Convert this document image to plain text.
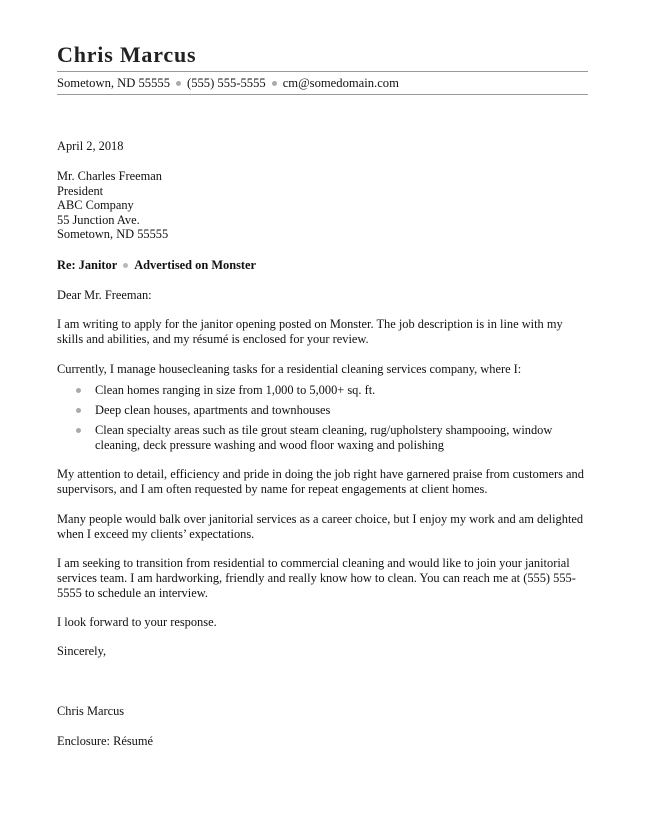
Chris Marcus
Sometown, ND 55555 (555) 555-5555 cm@somedomain.com

April 2, 2018

Mr. Charles Freeman
President
ABC Company
55 Junction Ave.
Sometown, ND 55555

Re: Janitor Advertised on Monster

Dear Mr. Freeman:

I am writing to apply for the janitor opening posted on Monster. The job description is in line with my skills and abilities, and my résumé is enclosed for your review.

Currently, I manage housecleaning tasks for a residential cleaning services company, where I:

Clean homes ranging in size from 1,000 to 5,000+ sq. ft.
Deep clean houses, apartments and townhouses
Clean specialty areas such as tile grout steam cleaning, rug/upholstery shampooing, window cleaning, deck pressure washing and wood floor waxing and polishing

My attention to detail, efficiency and pride in doing the job right have garnered praise from customers and supervisors, and I am often requested by name for repeat engagements at client homes.

Many people would balk over janitorial services as a career choice, but I enjoy my work and am delighted when I exceed my clients’ expectations.

I am seeking to transition from residential to commercial cleaning and would like to join your janitorial services team. I am hardworking, friendly and really know how to clean. You can reach me at (555) 555-5555 to schedule an interview.

I look forward to your response.

Sincerely,

Chris Marcus

Enclosure: Résumé
